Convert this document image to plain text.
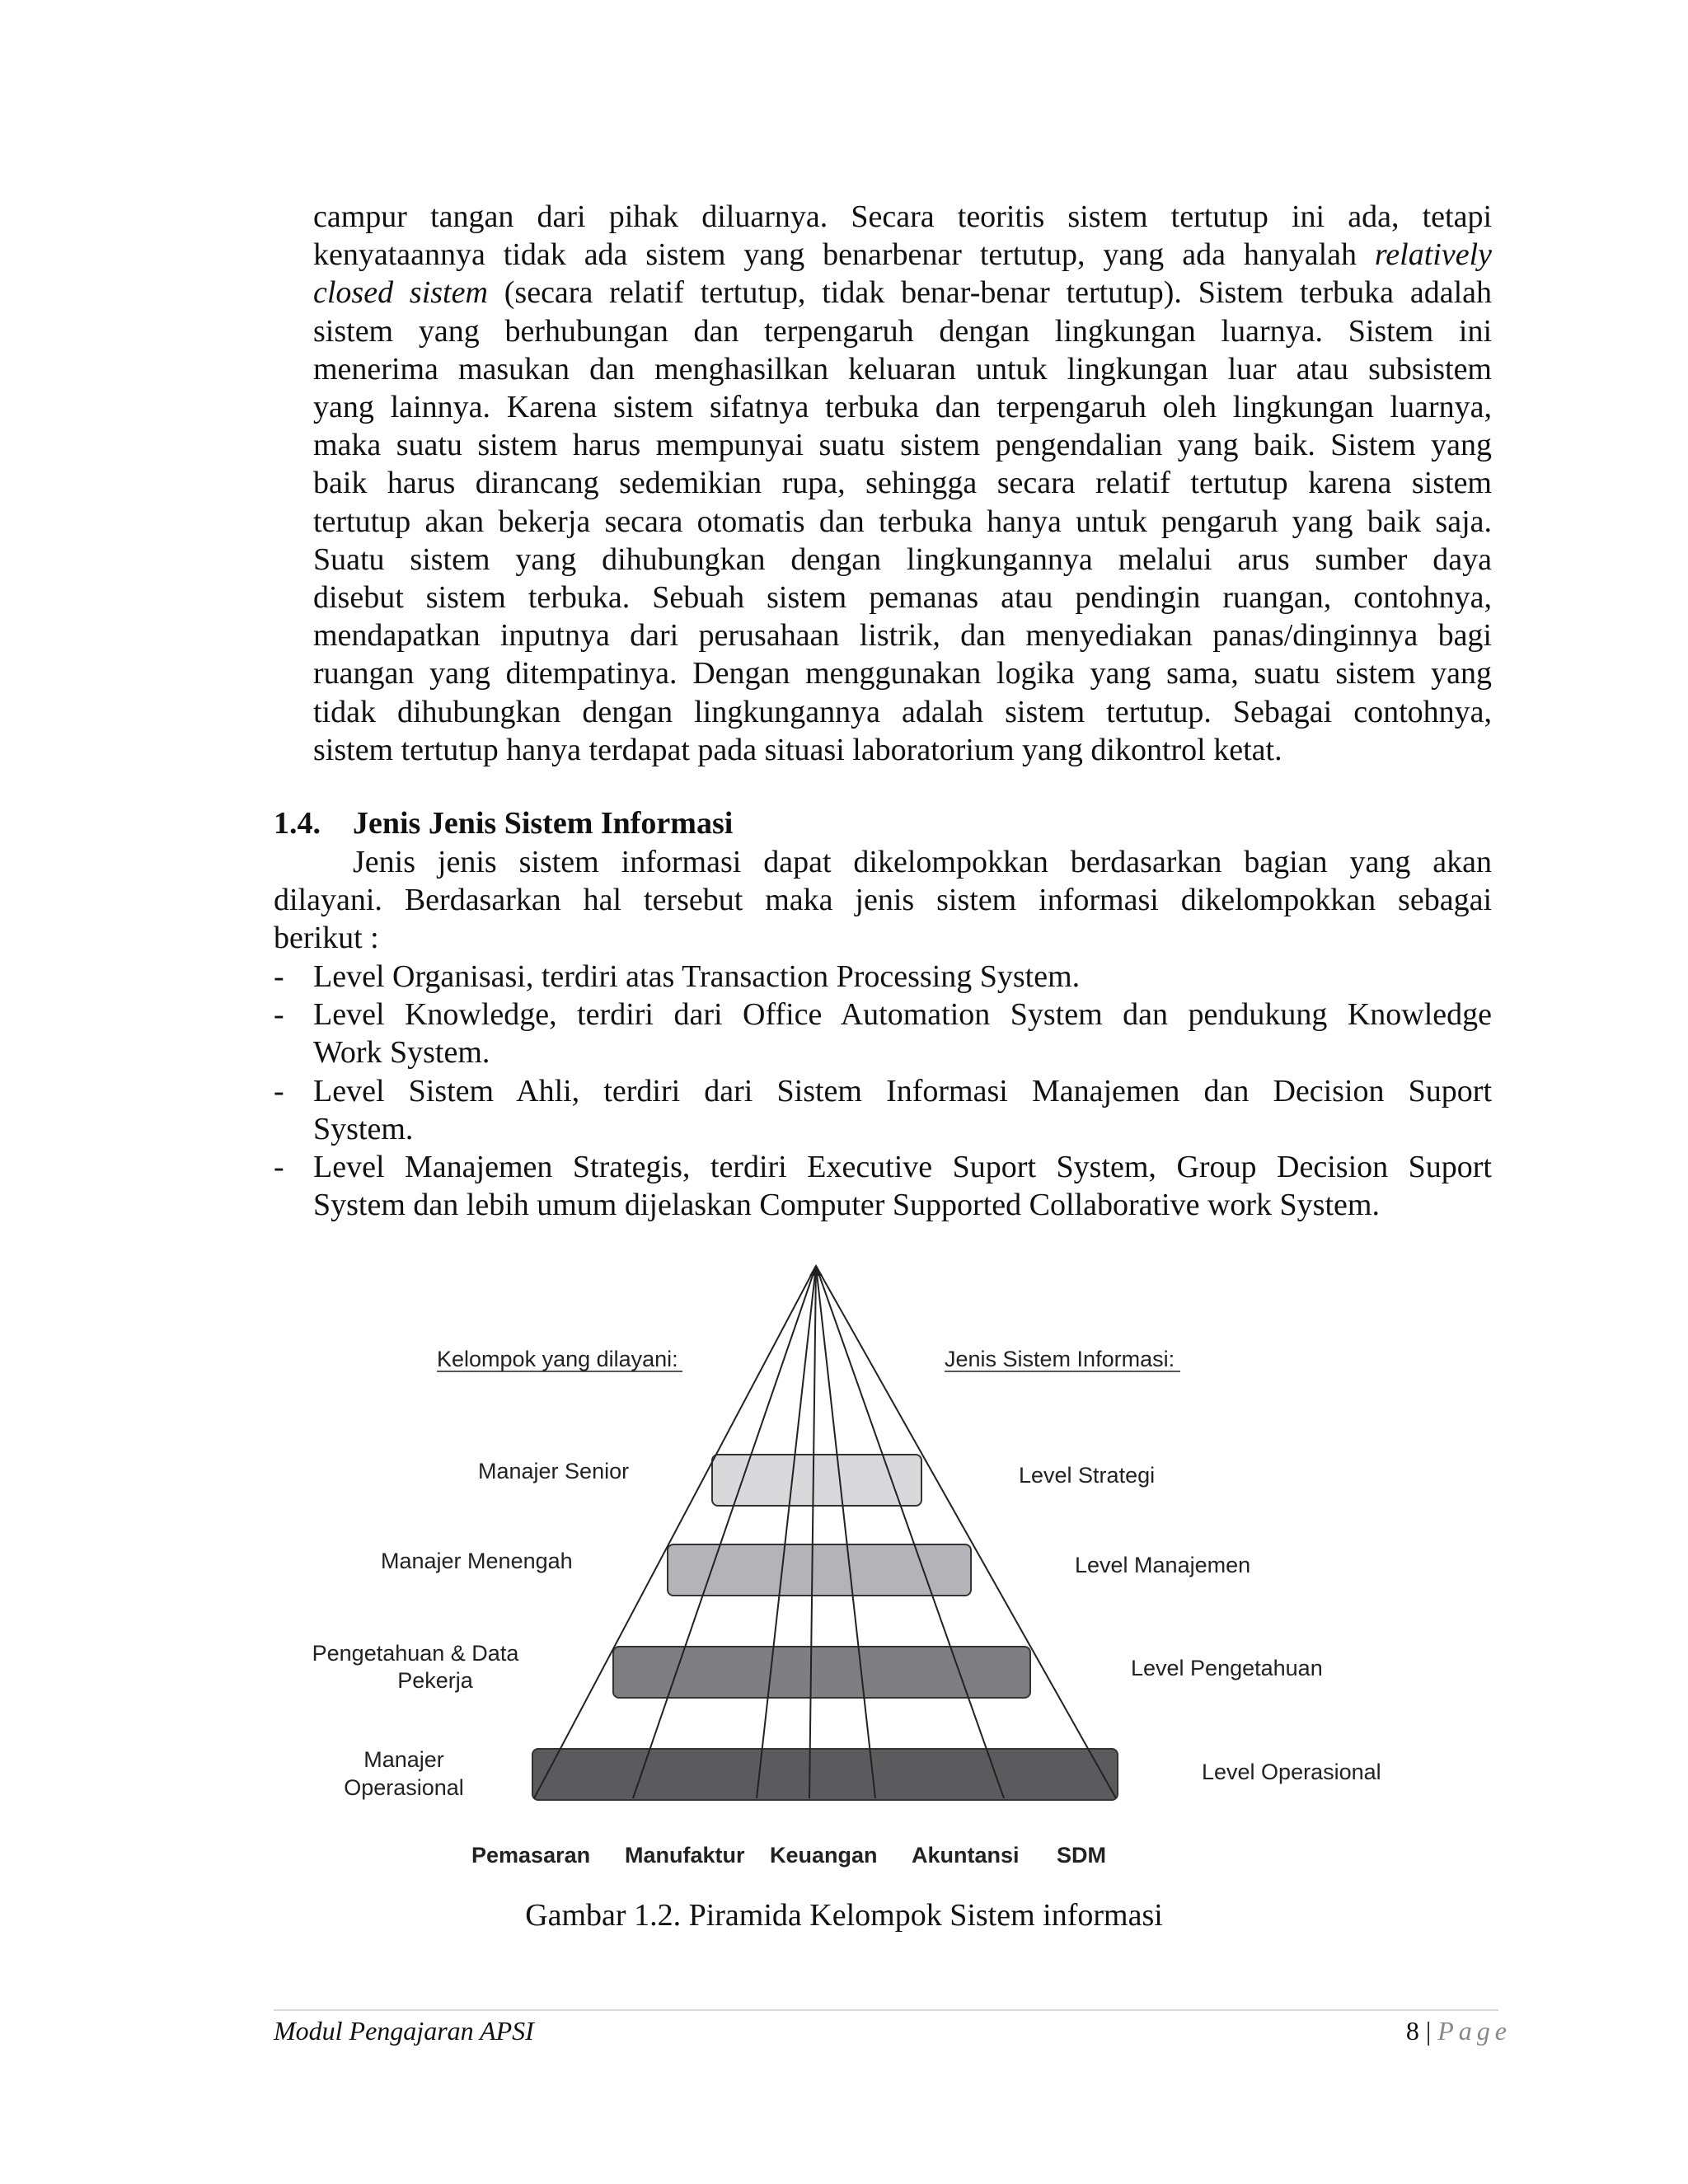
campur tangan dari pihak diluarnya. Secara teoritis sistem tertutup ini ada, tetapi
kenyataannya tidak ada sistem yang benarbenar tertutup, yang ada hanyalah relatively
closed sistem (secara relatif tertutup, tidak benar-benar tertutup). Sistem terbuka adalah
sistem yang berhubungan dan terpengaruh dengan lingkungan luarnya. Sistem ini
menerima masukan dan menghasilkan keluaran untuk lingkungan luar atau subsistem
yang lainnya. Karena sistem sifatnya terbuka dan terpengaruh oleh lingkungan luarnya,
maka suatu sistem harus mempunyai suatu sistem pengendalian yang baik. Sistem yang
baik harus dirancang sedemikian rupa, sehingga secara relatif tertutup karena sistem
tertutup akan bekerja secara otomatis dan terbuka hanya untuk pengaruh yang baik saja.
Suatu sistem yang dihubungkan dengan lingkungannya melalui arus sumber daya
disebut sistem terbuka. Sebuah sistem pemanas atau pendingin ruangan, contohnya,
mendapatkan inputnya dari perusahaan listrik, dan menyediakan panas/dinginnya bagi
ruangan yang ditempatinya. Dengan menggunakan logika yang sama, suatu sistem yang
tidak dihubungkan dengan lingkungannya adalah sistem tertutup. Sebagai contohnya,
sistem tertutup hanya terdapat pada situasi laboratorium yang dikontrol ketat.
1.4. Jenis Jenis Sistem Informasi
Jenis jenis sistem informasi dapat dikelompokkan berdasarkan bagian yang akan
dilayani. Berdasarkan hal tersebut maka jenis sistem informasi dikelompokkan sebagai
berikut :
- Level Organisasi, terdiri atas Transaction Processing System.
- Level Knowledge, terdiri dari Office Automation System dan pendukung Knowledge
Work System.
- Level Sistem Ahli, terdiri dari Sistem Informasi Manajemen dan Decision Suport
System.
- Level Manajemen Strategis, terdiri Executive Suport System, Group Decision Suport
System dan lebih umum dijelaskan Computer Supported Collaborative work System.
Kelompok yang dilayani:	Jenis Sistem Informasi:
Manajer Senior
Manajer Menengah
Pengetahuan & Data
Pekerja
Manajer
Operasional
Level Strategi
Level Manajemen
Level Pengetahuan
Level Operasional
Pemasaran Manufaktur Keuangan Akuntansi SDM

Gambar 1.2. Piramida Kelompok Sistem informasi

Modul Pengajaran APSI	8 | Page
